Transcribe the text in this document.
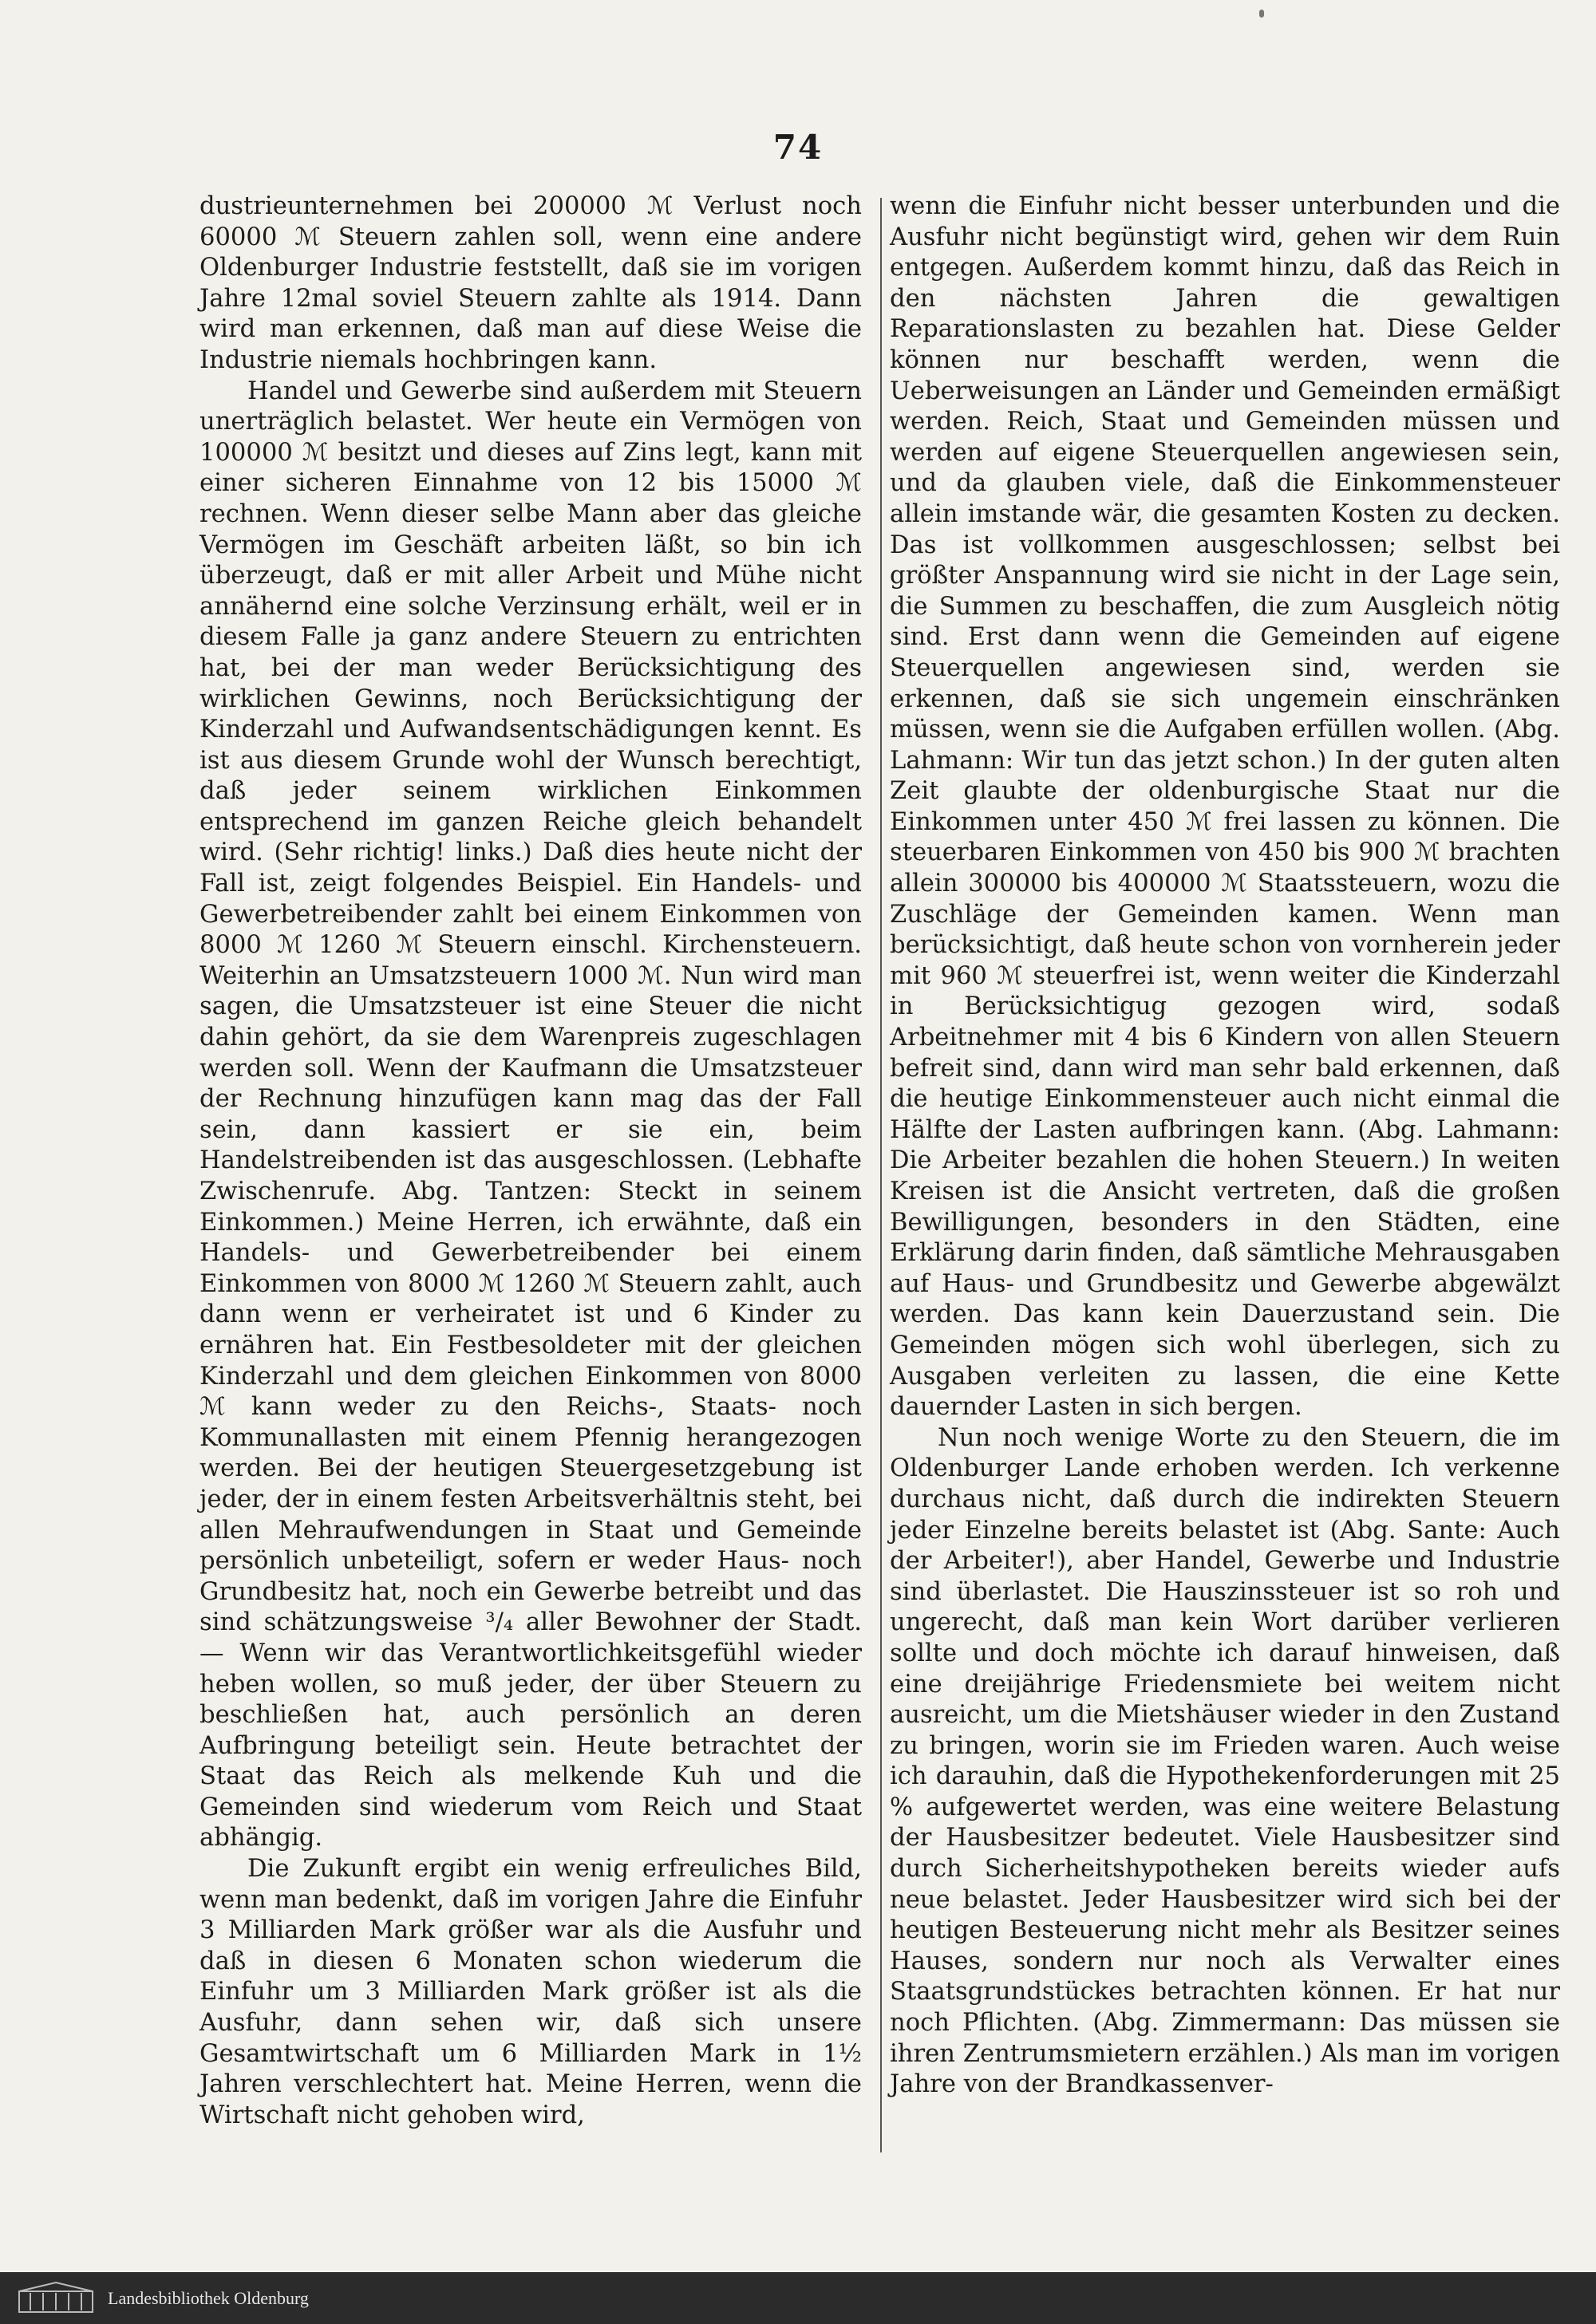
74

dustrieunternehmen bei 200000 ℳ Verlust noch 60000 ℳ Steuern zahlen soll, wenn eine andere Oldenburger Industrie feststellt, daß sie im vorigen Jahre 12mal soviel Steuern zahlte als 1914. Dann wird man erkennen, daß man auf diese Weise die Industrie niemals hochbringen kann.

Handel und Gewerbe sind außerdem mit Steuern unerträglich belastet. Wer heute ein Vermögen von 100000 ℳ besitzt und dieses auf Zins legt, kann mit einer sicheren Einnahme von 12 bis 15000 ℳ rechnen. Wenn dieser selbe Mann aber das gleiche Vermögen im Geschäft arbeiten läßt, so bin ich überzeugt, daß er mit aller Arbeit und Mühe nicht annähernd eine solche Verzinsung erhält, weil er in diesem Falle ja ganz andere Steuern zu entrichten hat, bei der man weder Berücksichtigung des wirklichen Gewinns, noch Berücksichtigung der Kinderzahl und Aufwandsentschädigungen kennt. Es ist aus diesem Grunde wohl der Wunsch berechtigt, daß jeder seinem wirklichen Einkommen entsprechend im ganzen Reiche gleich behandelt wird. (Sehr richtig! links.) Daß dies heute nicht der Fall ist, zeigt folgendes Beispiel. Ein Handels- und Gewerbetreibender zahlt bei einem Einkommen von 8000 ℳ 1260 ℳ Steuern einschl. Kirchensteuern. Weiterhin an Umsatzsteuern 1000 ℳ. Nun wird man sagen, die Umsatzsteuer ist eine Steuer die nicht dahin gehört, da sie dem Warenpreis zugeschlagen werden soll. Wenn der Kaufmann die Umsatzsteuer der Rechnung hinzufügen kann mag das der Fall sein, dann kassiert er sie ein, beim Handelstreibenden ist das ausgeschlossen. (Lebhafte Zwischenrufe. Abg. Tantzen: Steckt in seinem Einkommen.) Meine Herren, ich erwähnte, daß ein Handels- und Gewerbetreibender bei einem Einkommen von 8000 ℳ 1260 ℳ Steuern zahlt, auch dann wenn er verheiratet ist und 6 Kinder zu ernähren hat. Ein Festbesoldeter mit der gleichen Kinderzahl und dem gleichen Einkommen von 8000 ℳ kann weder zu den Reichs-, Staats- noch Kommunallasten mit einem Pfennig herangezogen werden. Bei der heutigen Steuergesetzgebung ist jeder, der in einem festen Arbeitsverhältnis steht, bei allen Mehraufwendungen in Staat und Gemeinde persönlich unbeteiligt, sofern er weder Haus- noch Grundbesitz hat, noch ein Gewerbe betreibt und das sind schätzungsweise ³/₄ aller Bewohner der Stadt. — Wenn wir das Verantwortlichkeitsgefühl wieder heben wollen, so muß jeder, der über Steuern zu beschließen hat, auch persönlich an deren Aufbringung beteiligt sein. Heute betrachtet der Staat das Reich als melkende Kuh und die Gemeinden sind wiederum vom Reich und Staat abhängig.

Die Zukunft ergibt ein wenig erfreuliches Bild, wenn man bedenkt, daß im vorigen Jahre die Einfuhr 3 Milliarden Mark größer war als die Ausfuhr und daß in diesen 6 Monaten schon wiederum die Einfuhr um 3 Milliarden Mark größer ist als die Ausfuhr, dann sehen wir, daß sich unsere Gesamtwirtschaft um 6 Milliarden Mark in 1½ Jahren verschlechtert hat. Meine Herren, wenn die Wirtschaft nicht gehoben wird,

wenn die Einfuhr nicht besser unterbunden und die Ausfuhr nicht begünstigt wird, gehen wir dem Ruin entgegen. Außerdem kommt hinzu, daß das Reich in den nächsten Jahren die gewaltigen Reparationslasten zu bezahlen hat. Diese Gelder können nur beschafft werden, wenn die Ueberweisungen an Länder und Gemeinden ermäßigt werden. Reich, Staat und Gemeinden müssen und werden auf eigene Steuerquellen angewiesen sein, und da glauben viele, daß die Einkommensteuer allein imstande wär, die gesamten Kosten zu decken. Das ist vollkommen ausgeschlossen; selbst bei größter Anspannung wird sie nicht in der Lage sein, die Summen zu beschaffen, die zum Ausgleich nötig sind. Erst dann wenn die Gemeinden auf eigene Steuerquellen angewiesen sind, werden sie erkennen, daß sie sich ungemein einschränken müssen, wenn sie die Aufgaben erfüllen wollen. (Abg. Lahmann: Wir tun das jetzt schon.) In der guten alten Zeit glaubte der oldenburgische Staat nur die Einkommen unter 450 ℳ frei lassen zu können. Die steuerbaren Einkommen von 450 bis 900 ℳ brachten allein 300000 bis 400000 ℳ Staatssteuern, wozu die Zuschläge der Gemeinden kamen. Wenn man berücksichtigt, daß heute schon von vornherein jeder mit 960 ℳ steuerfrei ist, wenn weiter die Kinderzahl in Berücksichtigug gezogen wird, sodaß Arbeitnehmer mit 4 bis 6 Kindern von allen Steuern befreit sind, dann wird man sehr bald erkennen, daß die heutige Einkommensteuer auch nicht einmal die Hälfte der Lasten aufbringen kann. (Abg. Lahmann: Die Arbeiter bezahlen die hohen Steuern.) In weiten Kreisen ist die Ansicht vertreten, daß die großen Bewilligungen, besonders in den Städten, eine Erklärung darin finden, daß sämtliche Mehrausgaben auf Haus- und Grundbesitz und Gewerbe abgewälzt werden. Das kann kein Dauerzustand sein. Die Gemeinden mögen sich wohl überlegen, sich zu Ausgaben verleiten zu lassen, die eine Kette dauernder Lasten in sich bergen.

Nun noch wenige Worte zu den Steuern, die im Oldenburger Lande erhoben werden. Ich verkenne durchaus nicht, daß durch die indirekten Steuern jeder Einzelne bereits belastet ist (Abg. Sante: Auch der Arbeiter!), aber Handel, Gewerbe und Industrie sind überlastet. Die Hauszinssteuer ist so roh und ungerecht, daß man kein Wort darüber verlieren sollte und doch möchte ich darauf hinweisen, daß eine dreijährige Friedensmiete bei weitem nicht ausreicht, um die Mietshäuser wieder in den Zustand zu bringen, worin sie im Frieden waren. Auch weise ich darauhin, daß die Hypothekenforderungen mit 25 % aufgewertet werden, was eine weitere Belastung der Hausbesitzer bedeutet. Viele Hausbesitzer sind durch Sicherheitshypotheken bereits wieder aufs neue belastet. Jeder Hausbesitzer wird sich bei der heutigen Besteuerung nicht mehr als Besitzer seines Hauses, sondern nur noch als Verwalter eines Staatsgrundstückes betrachten können. Er hat nur noch Pflichten. (Abg. Zimmermann: Das müssen sie ihren Zentrumsmietern erzählen.) Als man im vorigen Jahre von der Brandkassenver-

Landesbibliothek Oldenburg
